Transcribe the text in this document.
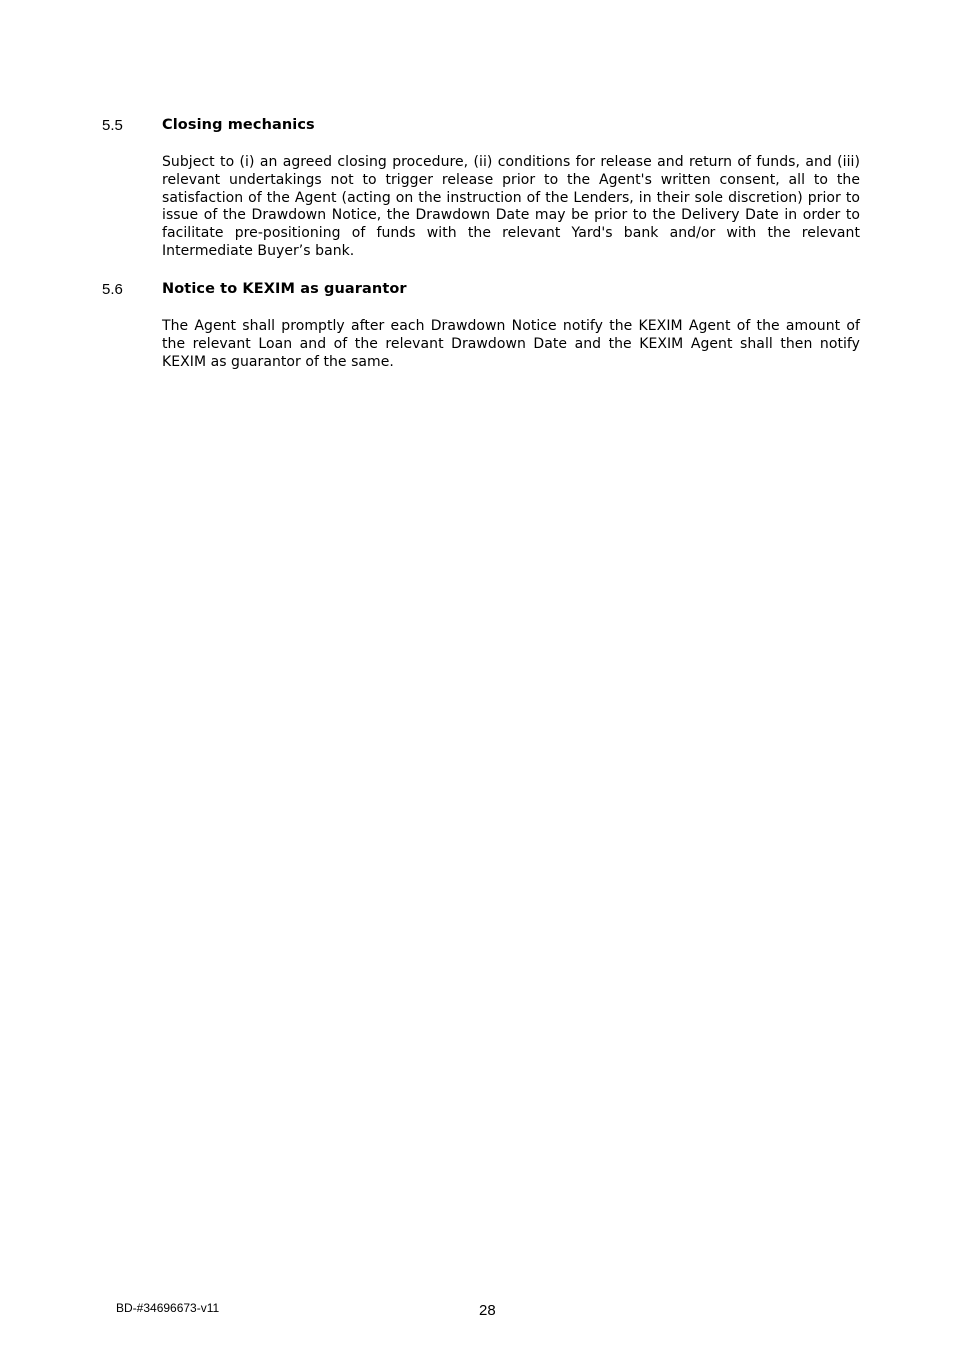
5.5	Closing mechanics

Subject to (i) an agreed closing procedure, (ii) conditions for release and return of funds, and (iii) relevant undertakings not to trigger release prior to the Agent's written consent, all to the satisfaction of the Agent (acting on the instruction of the Lenders, in their sole discretion) prior to issue of the Drawdown Notice, the Drawdown Date may be prior to the Delivery Date in order to facilitate pre-positioning of funds with the relevant Yard's bank and/or with the relevant Intermediate Buyer’s bank.

5.6	Notice to KEXIM as guarantor

The Agent shall promptly after each Drawdown Notice notify the KEXIM Agent of the amount of the relevant Loan and of the relevant Drawdown Date and the KEXIM Agent shall then notify KEXIM as guarantor of the same.

BD-#34696673-v11	28
